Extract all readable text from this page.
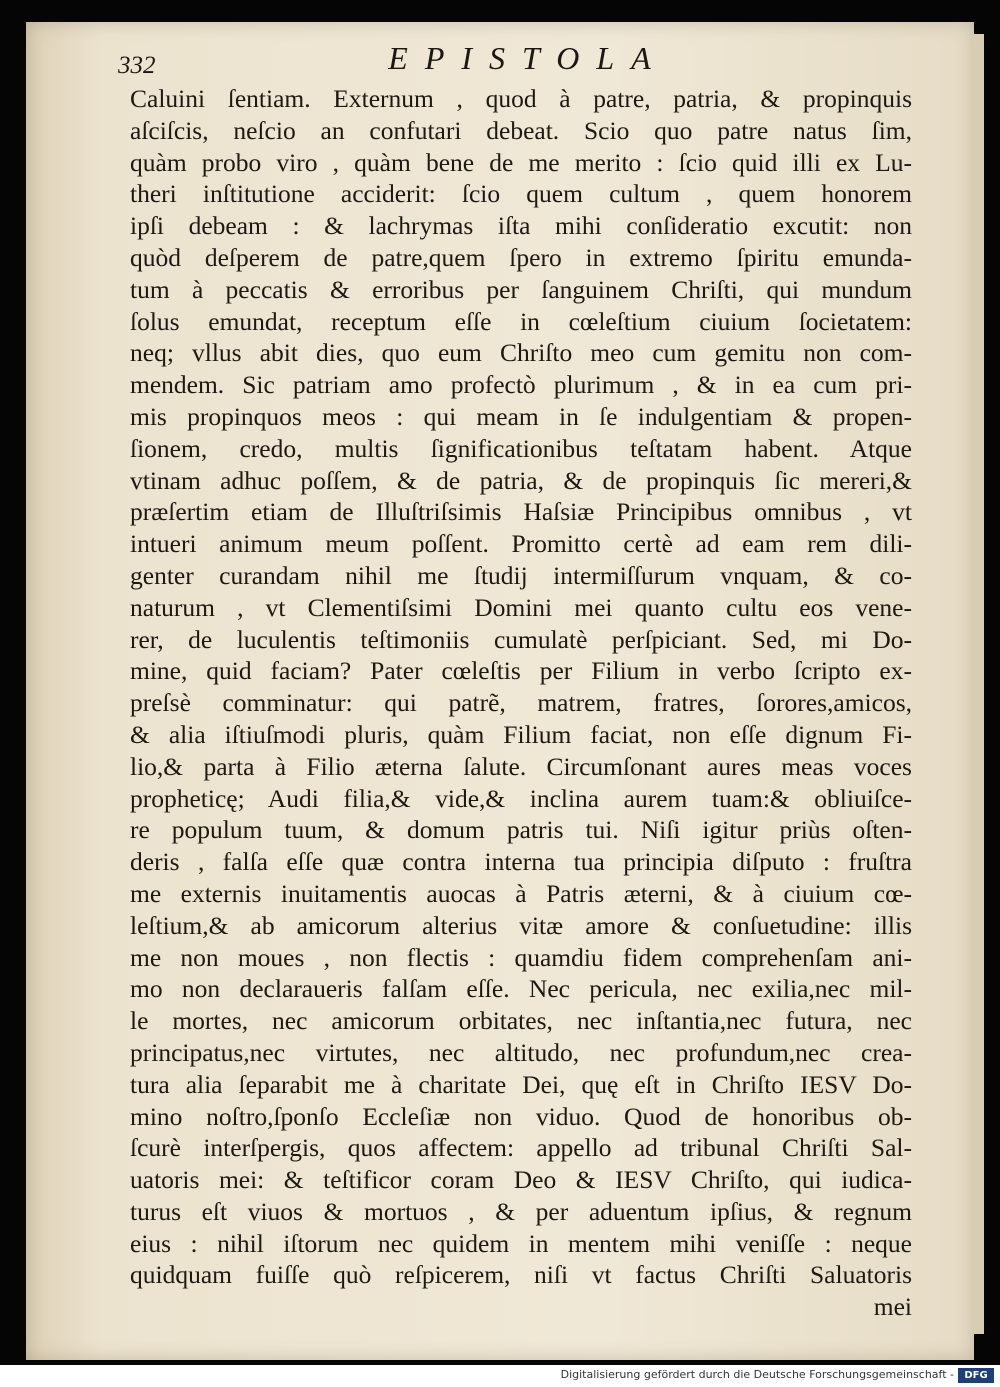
332	EPISTOLA
Caluini ſentiam. Externum , quod à patre, patria, & propinquis
aſciſcis, neſcio an confutari debeat. Scio quo patre natus ſim,
quàm probo viro , quàm bene de me merito : ſcio quid illi ex Lu-
theri inſtitutione acciderit: ſcio quem cultum , quem honorem
ipſi debeam : & lachrymas iſta mihi conſideratio excutit: non
quòd deſperem de patre,quem ſpero in extremo ſpiritu emunda-
tum à peccatis & erroribus per ſanguinem Chriſti, qui mundum
ſolus emundat, receptum eſſe in cœleſtium ciuium ſocietatem:
neq; vllus abit dies, quo eum Chriſto meo cum gemitu non com-
mendem. Sic patriam amo profectò plurimum , & in ea cum pri-
mis propinquos meos : qui meam in ſe indulgentiam & propen-
ſionem, credo, multis ſignificationibus teſtatam habent. Atque
vtinam adhuc poſſem, & de patria, & de propinquis ſic mereri,&
præſertim etiam de Illuſtriſsimis Haſsiæ Principibus omnibus , vt
intueri animum meum poſſent. Promitto certè ad eam rem dili-
genter curandam nihil me ſtudij intermiſſurum vnquam, & co-
naturum , vt Clementiſsimi Domini mei quanto cultu eos vene-
rer, de luculentis teſtimoniis cumulatè perſpiciant. Sed, mi Do-
mine, quid faciam? Pater cœleſtis per Filium in verbo ſcripto ex-
preſsè comminatur: qui patrẽ, matrem, fratres, ſorores,amicos,
& alia iſtiuſmodi pluris, quàm Filium faciat, non eſſe dignum Fi-
lio,& parta à Filio æterna ſalute. Circumſonant aures meas voces
propheticę; Audi filia,& vide,& inclina aurem tuam:& obliuiſce-
re populum tuum, & domum patris tui. Niſi igitur priùs oſten-
deris , falſa eſſe quæ contra interna tua principia diſputo : fruſtra
me externis inuitamentis auocas à Patris æterni, & à ciuium cœ-
leſtium,& ab amicorum alterius vitæ amore & conſuetudine: illis
me non moues , non flectis : quamdiu fidem comprehenſam ani-
mo non declaraueris falſam eſſe. Nec pericula, nec exilia,nec mil-
le mortes, nec amicorum orbitates, nec inſtantia,nec futura, nec
principatus,nec virtutes, nec altitudo, nec profundum,nec crea-
tura alia ſeparabit me à charitate Dei, quę eſt in Chriſto IESV Do-
mino noſtro,ſponſo Eccleſiæ non viduo. Quod de honoribus ob-
ſcurè interſpergis, quos affectem: appello ad tribunal Chriſti Sal-
uatoris mei: & teſtificor coram Deo & IESV Chriſto, qui iudica-
turus eſt viuos & mortuos , & per aduentum ipſius, & regnum
eius : nihil iſtorum nec quidem in mentem mihi veniſſe : neque
quidquam fuiſſe quò reſpicerem, niſi vt factus Chriſti Saluatoris
mei
Digitalisierung gefördert durch die Deutsche Forschungsgemeinschaft -	DFG
